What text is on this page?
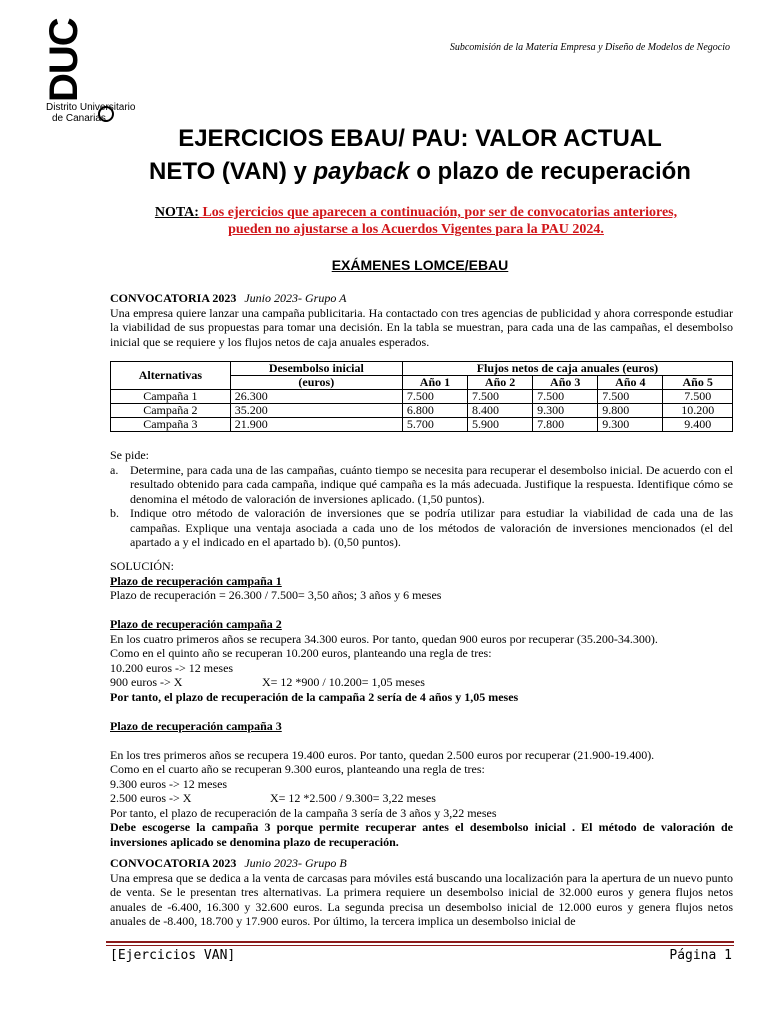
DUC
Distrito Universitario
de Canarias
Subcomisión de la Materia Empresa y Diseño de Modelos de Negocio
EJERCICIOS EBAU/ PAU: VALOR ACTUAL
NETO (VAN) y payback o plazo de recuperación
NOTA: Los ejercicios que aparecen a continuación, por ser de convocatorias anteriores,
pueden no ajustarse a los Acuerdos Vigentes para la PAU 2024.
EXÁMENES LOMCE/EBAU

CONVOCATORIA 2023 Junio 2023- Grupo A

Una empresa quiere lanzar una campaña publicitaria. Ha contactado con tres agencias de publicidad y ahora corresponde estudiar la viabilidad de sus propuestas para tomar una decisión. En la tabla se muestran, para cada una de las campañas, el desembolso inicial que se requiere y los flujos netos de caja anuales esperados.

Alternativas	Desembolso inicial	Flujos netos de caja anuales (euros)				
	(euros)	Año 1	Año 2	Año 3	Año 4	Año 5
Campaña 1	26.300	7.500	7.500	7.500	7.500	7.500
Campaña 2	35.200	6.800	8.400	9.300	9.800	10.200
Campaña 3	21.900	5.700	5.900	7.800	9.300	9.400

Se pide:

a. Determine, para cada una de las campañas, cuánto tiempo se necesita para recuperar el desembolso inicial. De acuerdo con el resultado obtenido para cada campaña, indique qué campaña es la más adecuada. Justifique la respuesta. Identifique cómo se denomina el método de valoración de inversiones aplicado. (1,50 puntos).
b. Indique otro método de valoración de inversiones que se podría utilizar para estudiar la viabilidad de cada una de las campañas. Explique una ventaja asociada a cada uno de los métodos de valoración de inversiones mencionados (el del apartado a y el indicado en el apartado b). (0,50 puntos).

SOLUCIÓN:

Plazo de recuperación campaña 1

Plazo de recuperación = 26.300 / 7.500= 3,50 años; 3 años y 6 meses

Plazo de recuperación campaña 2

En los cuatro primeros años se recupera 34.300 euros. Por tanto, quedan 900 euros por recuperar (35.200-34.300).

Como en el quinto año se recuperan 10.200 euros, planteando una regla de tres:

10.200 euros -> 12 meses

900 euros -> X	X= 12 *900 / 10.200= 1,05 meses

Por tanto, el plazo de recuperación de la campaña 2 sería de 4 años y 1,05 meses

Plazo de recuperación campaña 3

En los tres primeros años se recupera 19.400 euros. Por tanto, quedan 2.500 euros por recuperar (21.900-19.400).

Como en el cuarto año se recuperan 9.300 euros, planteando una regla de tres:

9.300 euros -> 12 meses

2.500 euros -> X	X= 12 *2.500 / 9.300= 3,22 meses

Por tanto, el plazo de recuperación de la campaña 3 sería de 3 años y 3,22 meses

Debe escogerse la campaña 3 porque permite recuperar antes el desembolso inicial . El método de valoración de inversiones aplicado se denomina plazo de recuperación.

CONVOCATORIA 2023 Junio 2023- Grupo B

Una empresa que se dedica a la venta de carcasas para móviles está buscando una localización para la apertura de un nuevo punto de venta. Se le presentan tres alternativas. La primera requiere un desembolso inicial de 32.000 euros y genera flujos netos anuales de -6.400, 16.300 y 32.600 euros. La segunda precisa un desembolso inicial de 12.000 euros y genera flujos netos anuales de -8.400, 18.700 y 17.900 euros. Por último, la tercera implica un desembolso inicial de

[Ejercicios VAN]	Página 1
